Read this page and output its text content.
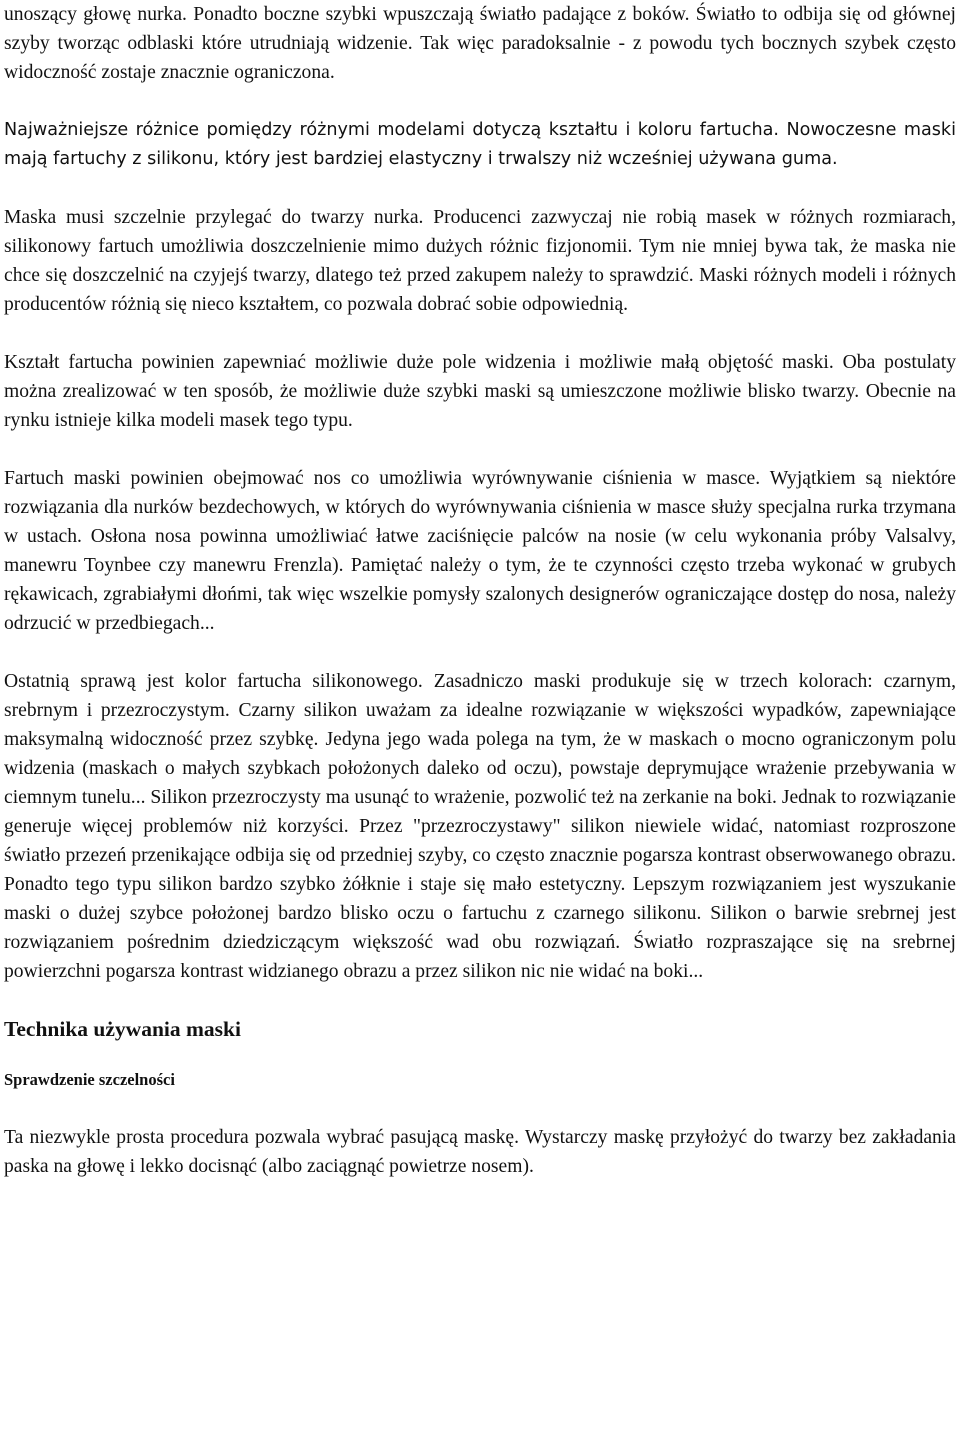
unoszący głowę nurka. Ponadto boczne szybki wpuszczają światło padające z boków. Światło to odbija się od głównej szyby tworząc odblaski które utrudniają widzenie. Tak więc paradoksalnie - z powodu tych bocznych szybek często widoczność zostaje znacznie ograniczona.

Najważniejsze różnice pomiędzy różnymi modelami dotyczą kształtu i koloru fartucha. Nowoczesne maski mają fartuchy z silikonu, który jest bardziej elastyczny i trwalszy niż wcześniej używana guma.

Maska musi szczelnie przylegać do twarzy nurka. Producenci zazwyczaj nie robią masek w różnych rozmiarach, silikonowy fartuch umożliwia doszczelnienie mimo dużych różnic fizjonomii. Tym nie mniej bywa tak, że maska nie chce się doszczelnić na czyjejś twarzy, dlatego też przed zakupem należy to sprawdzić. Maski różnych modeli i różnych producentów różnią się nieco kształtem, co pozwala dobrać sobie odpowiednią.

Kształt fartucha powinien zapewniać możliwie duże pole widzenia i możliwie małą objętość maski. Oba postulaty można zrealizować w ten sposób, że możliwie duże szybki maski są umieszczone możliwie blisko twarzy. Obecnie na rynku istnieje kilka modeli masek tego typu.

Fartuch maski powinien obejmować nos co umożliwia wyrównywanie ciśnienia w masce. Wyjątkiem są niektóre rozwiązania dla nurków bezdechowych, w których do wyrównywania ciśnienia w masce służy specjalna rurka trzymana w ustach. Osłona nosa powinna umożliwiać łatwe zaciśnięcie palców na nosie (w celu wykonania próby Valsalvy, manewru Toynbee czy manewru Frenzla). Pamiętać należy o tym, że te czynności często trzeba wykonać w grubych rękawicach, zgrabiałymi dłońmi, tak więc wszelkie pomysły szalonych designerów ograniczające dostęp do nosa, należy odrzucić w przedbiegach...

Ostatnią sprawą jest kolor fartucha silikonowego. Zasadniczo maski produkuje się w trzech kolorach: czarnym, srebrnym i przezroczystym. Czarny silikon uważam za idealne rozwiązanie w większości wypadków, zapewniające maksymalną widoczność przez szybkę. Jedyna jego wada polega na tym, że w maskach o mocno ograniczonym polu widzenia (maskach o małych szybkach położonych daleko od oczu), powstaje deprymujące wrażenie przebywania w ciemnym tunelu... Silikon przezroczysty ma usunąć to wrażenie, pozwolić też na zerkanie na boki. Jednak to rozwiązanie generuje więcej problemów niż korzyści. Przez "przezroczystawy" silikon niewiele widać, natomiast rozproszone światło przezeń przenikające odbija się od przedniej szyby, co często znacznie pogarsza kontrast obserwowanego obrazu. Ponadto tego typu silikon bardzo szybko żółknie i staje się mało estetyczny. Lepszym rozwiązaniem jest wyszukanie maski o dużej szybce położonej bardzo blisko oczu o fartuchu z czarnego silikonu. Silikon o barwie srebrnej jest rozwiązaniem pośrednim dziedziczącym większość wad obu rozwiązań. Światło rozpraszające się na srebrnej powierzchni pogarsza kontrast widzianego obrazu a przez silikon nic nie widać na boki...

Technika używania maski
Sprawdzenie szczelności

Ta niezwykle prosta procedura pozwala wybrać pasującą maskę. Wystarczy maskę przyłożyć do twarzy bez zakładania paska na głowę i lekko docisnąć (albo zaciągnąć powietrze nosem).
